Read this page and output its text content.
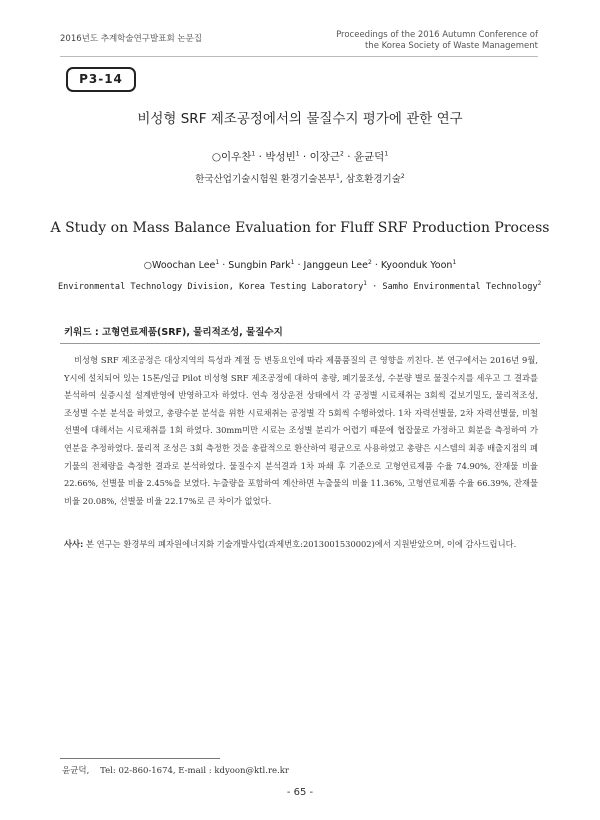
2016년도 추계학술연구발표회 논문집	Proceedings of the 2016 Autumn Conference of
the Korea Society of Waste Management
P3-14
비성형 SRF 제조공정에서의 물질수지 평가에 관한 연구
○이우찬$^1$ · 박성빈$^1$ · 이장근$^2$ · 윤균덕$^1$
한국산업기술시험원 환경기술본부$^1$, 삼호환경기술$^2$
A Study on Mass Balance Evaluation for Fluff SRF Production Process
○Woochan Lee$^1$ · Sungbin Park$^1$ · Janggeun Lee$^2$ · Kyoonduk Yoon$^1$
Environmental Technology Division, Korea Testing Laboratory$^1$ · Samho Environmental Technology$^2$
키워드 : 고형연료제품(SRF), 물리적조성, 물질수지
비성형 SRF 제조공정은 대상지역의 특성과 계절 등 변동요인에 따라 제품품질의 큰 영향을 끼친다. 본 연구에서는 2016년 9월, Y시에 설치되어 있는 15톤/일급 Pilot 비성형 SRF 제조공정에 대하여 총량, 폐기물조성, 수분량 별로 물질수지를 세우고 그 결과를 분석하여 실증시설 설계반영에 반영하고자 하였다. 연속 정상운전 상태에서 각 공정별 시료채취는 3회씩 겉보기밀도, 물리적조성, 조성별 수분 분석을 하였고, 총량수분 분석을 위한 시료채취는 공정별 각 5회씩 수행하였다. 1차 자력선별물, 2차 자력선별물, 비철선별에 대해서는 시료채취를 1회 하였다. 30mm미만 시료는 조성별 분리가 어렵기 때문에 협잡물로 가정하고 회분을 측정하여 가연분을 추정하였다. 물리적 조성은 3회 측정한 것을 총괄적으로 환산하여 평균으로 사용하였고 총량은 시스템의 최종 배출지점의 폐기물의 전체량을 측정한 결과로 분석하였다. 물질수지 분석결과 1차 파쇄 후 기준으로 고형연료제품 수율 74.90%, 잔재물 비율 22.66%, 선별물 비율 2.45%을 보였다. 누출량을 포함하여 계산하면 누출물의 비율 11.36%, 고형연료제품 수율 66.39%, 잔재물 비율 20.08%, 선별물 비율 22.17%로 큰 차이가 없었다.
사사: 본 연구는 환경부의 폐자원에너지화 기술개발사업(과제번호:2013001530002)에서 지원받았으며, 이에 감사드립니다.
윤균덕,    Tel: 02-860-1674, E-mail : kdyoon@ktl.re.kr
- 65 -
